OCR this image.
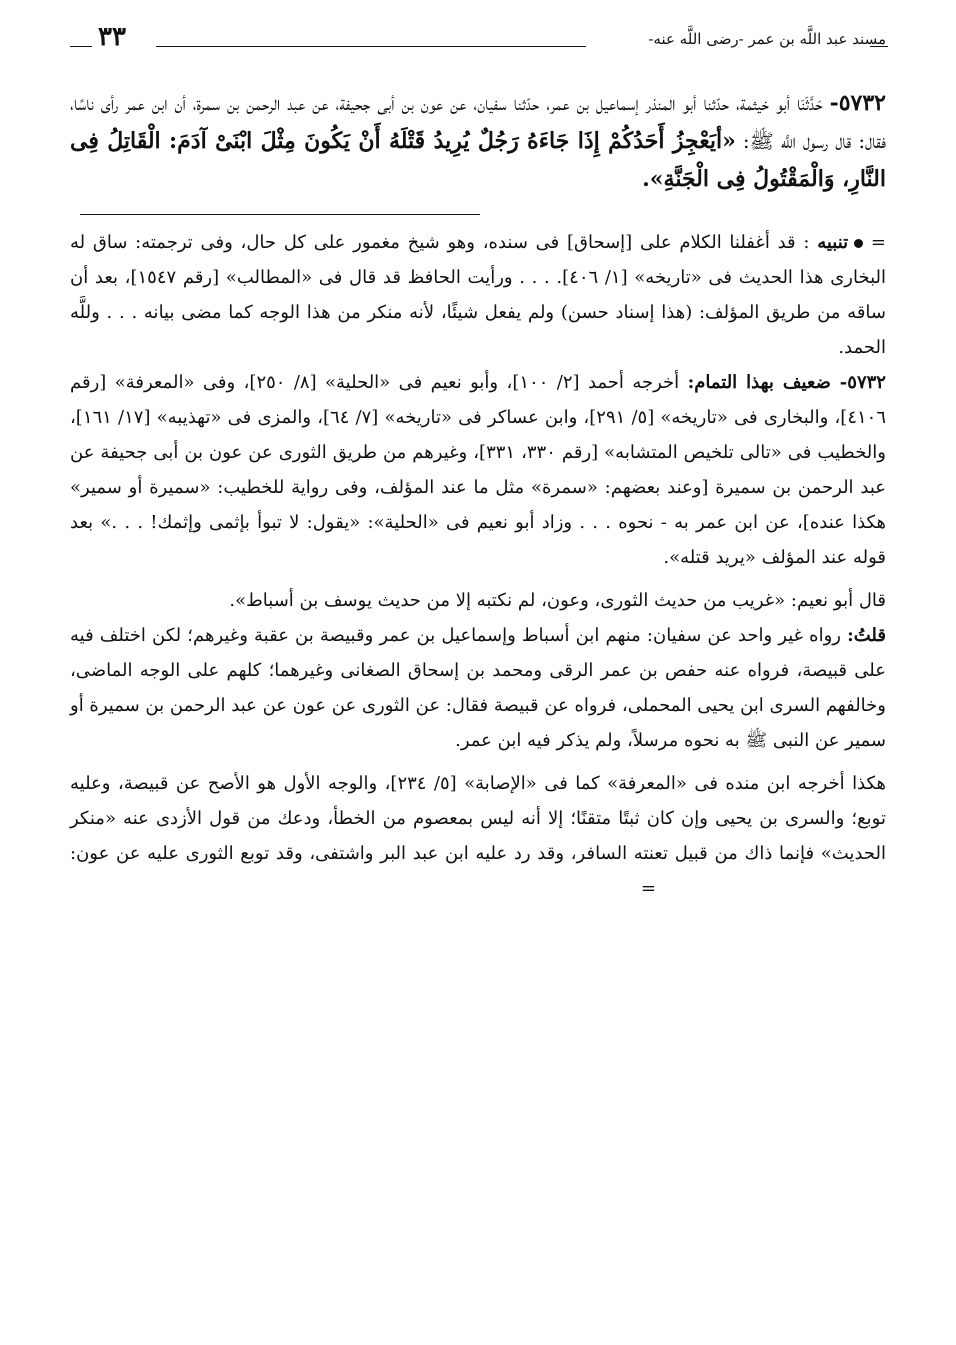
مسند عبد اللَّه بن عمر -رضى اللَّه عنه-
٣٣
٥٧٣٢- حَدَّثَنَا أبو خيثمة، حدّثنا أبو المنذر إسماعيل بن عمر، حدّثنا سفيان، عن عون بن أبى جحيفة، عن عبد الرحمن بن سمرة، أن ابن عمر رأى ناسًا، فقال: قال رسول اللَّه ﷺ: «أيَعْجِزُ أَحَدُكُمْ إِذَا جَاءَهُ رَجُلٌ يُرِيدُ قَتْلَهُ أَنْ يَكُونَ مِثْلَ ابْنَىْ آدَمَ: الْقَاتِلُ فِى النَّارِ، وَالْمَقْتُولُ فِى الْجَنَّةِ».

= تنبيه : قد أغفلنا الكلام على [إسحاق] فى سنده، وهو شيخ مغمور على كل حال، وفى ترجمته: ساق له البخارى هذا الحديث فى «تاريخه» [١/ ٤٠٦]. . . . ورأيت الحافظ قد قال فى «المطالب» [رقم ١٥٤٧]، بعد أن ساقه من طريق المؤلف: (هذا إسناد حسن) ولم يفعل شيئًا، لأنه منكر من هذا الوجه كما مضى بيانه . . . وللَّه الحمد.

٥٧٣٢- ضعيف بهذا التمام: أخرجه أحمد [٢/ ١٠٠]، وأبو نعيم فى «الحلية» [٨/ ٢٥٠]، وفى «المعرفة» [رقم ٤١٠٦]، والبخارى فى «تاريخه» [٥/ ٢٩١]، وابن عساكر فى «تاريخه» [٧/ ٦٤]، والمزى فى «تهذيبه» [١٧/ ١٦١]، والخطيب فى «تالى تلخيص المتشابه» [رقم ٣٣٠، ٣٣١]، وغيرهم من طريق الثورى عن عون بن أبى جحيفة عن عبد الرحمن بن سميرة [وعند بعضهم: «سمرة» مثل ما عند المؤلف، وفى رواية للخطيب: «سميرة أو سمير» هكذا عنده]، عن ابن عمر به - نحوه . . . وزاد أبو نعيم فى «الحلية»: «يقول: لا تبوأ بإثمى وإثمك! . . .» بعد قوله عند المؤلف «يريد قتله».

قال أبو نعيم: «غريب من حديث الثورى، وعون، لم نكتبه إلا من حديث يوسف بن أسباط».

قلتُ: رواه غير واحد عن سفيان: منهم ابن أسباط وإسماعيل بن عمر وقبيصة بن عقبة وغيرهم؛ لكن اختلف فيه على قبيصة، فرواه عنه حفص بن عمر الرقى ومحمد بن إسحاق الصغانى وغيرهما؛ كلهم على الوجه الماضى، وخالفهم السرى ابن يحيى المحملى، فرواه عن قبيصة فقال: عن الثورى عن عون عن عبد الرحمن بن سميرة أو سمير عن النبى ﷺ به نحوه مرسلاً، ولم يذكر فيه ابن عمر.

هكذا أخرجه ابن منده فى «المعرفة» كما فى «الإصابة» [٥/ ٢٣٤]، والوجه الأول هو الأصح عن قبيصة، وعليه توبع؛ والسرى بن يحيى وإن كان ثبتًا متقنًا؛ إلا أنه ليس بمعصوم من الخطأ، ودعك من قول الأزدى عنه «منكر الحديث» فإنما ذاك من قبيل تعنته السافر، وقد رد عليه ابن عبد البر واشتفى، وقد توبع الثورى عليه عن عون: =
